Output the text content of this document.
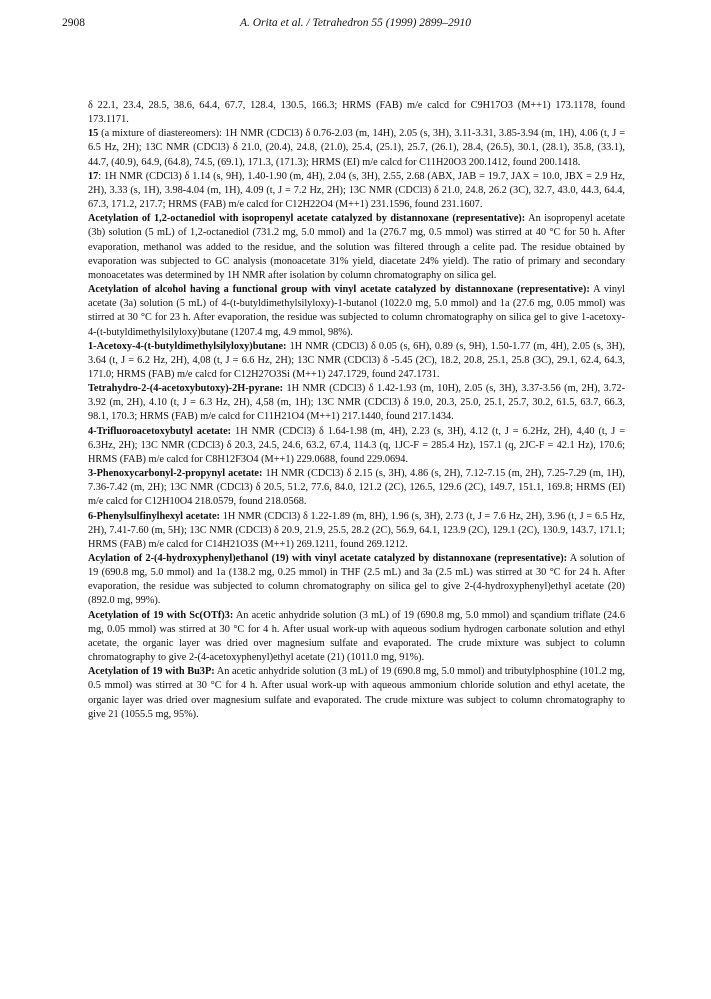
2908	A. Orita et al. / Tetrahedron 55 (1999) 2899–2910

δ 22.1, 23.4, 28.5, 38.6, 64.4, 67.7, 128.4, 130.5, 166.3; HRMS (FAB) m/e calcd for C9H17O3 (M++1) 173.1178, found 173.1171.

15 (a mixture of diastereomers): 1H NMR (CDCl3) δ 0.76-2.03 (m, 14H), 2.05 (s, 3H), 3.11-3.31, 3.85-3.94 (m, 1H), 4.06 (t, J = 6.5 Hz, 2H); 13C NMR (CDCl3) δ 21.0, (20.4), 24.8, (21.0), 25.4, (25.1), 25.7, (26.1), 28.4, (26.5), 30.1, (28.1), 35.8, (33.1), 44.7, (40.9), 64.9, (64.8), 74.5, (69.1), 171.3, (171.3); HRMS (EI) m/e calcd for C11H20O3 200.1412, found 200.1418.

17: 1H NMR (CDCl3) δ 1.14 (s, 9H), 1.40-1.90 (m, 4H), 2.04 (s, 3H), 2.55, 2.68 (ABX, JAB = 19.7, JAX = 10.0, JBX = 2.9 Hz, 2H), 3.33 (s, 1H), 3.98-4.04 (m, 1H), 4.09 (t, J = 7.2 Hz, 2H); 13C NMR (CDCl3) δ 21.0, 24.8, 26.2 (3C), 32.7, 43.0, 44.3, 64.4, 67.3, 171.2, 217.7; HRMS (FAB) m/e calcd for C12H22O4 (M++1) 231.1596, found 231.1607.

Acetylation of 1,2-octanediol with isopropenyl acetate catalyzed by distannoxane (representative): An isopropenyl acetate (3b) solution (5 mL) of 1,2-octanediol (731.2 mg, 5.0 mmol) and 1a (276.7 mg, 0.5 mmol) was stirred at 40 °C for 50 h. After evaporation, methanol was added to the residue, and the solution was filtered through a celite pad. The residue obtained by evaporation was subjected to GC analysis (monoacetate 31% yield, diacetate 24% yield). The ratio of primary and secondary monoacetates was determined by 1H NMR after isolation by column chromatography on silica gel.

Acetylation of alcohol having a functional group with vinyl acetate catalyzed by distannoxane (representative): A vinyl acetate (3a) solution (5 mL) of 4-(t-butyldimethylsilyloxy)-1-butanol (1022.0 mg, 5.0 mmol) and 1a (27.6 mg, 0.05 mmol) was stirred at 30 °C for 23 h. After evaporation, the residue was subjected to column chromatography on silica gel to give 1-acetoxy-4-(t-butyldimethylsilyloxy)butane (1207.4 mg, 4.9 mmol, 98%).

1-Acetoxy-4-(t-butyldimethylsilyloxy)butane: 1H NMR (CDCl3) δ 0.05 (s, 6H), 0.89 (s, 9H), 1.50-1.77 (m, 4H), 2.05 (s, 3H), 3.64 (t, J = 6.2 Hz, 2H), 4,08 (t, J = 6.6 Hz, 2H); 13C NMR (CDCl3) δ -5.45 (2C), 18.2, 20.8, 25.1, 25.8 (3C), 29.1, 62.4, 64.3, 171.0; HRMS (FAB) m/e calcd for C12H27O3Si (M++1) 247.1729, found 247.1731.

Tetrahydro-2-(4-acetoxybutoxy)-2H-pyrane: 1H NMR (CDCl3) δ 1.42-1.93 (m, 10H), 2.05 (s, 3H), 3.37-3.56 (m, 2H), 3.72-3.92 (m, 2H), 4.10 (t, J = 6.3 Hz, 2H), 4,58 (m, 1H); 13C NMR (CDCl3) δ 19.0, 20.3, 25.0, 25.1, 25.7, 30.2, 61.5, 63.7, 66.3, 98.1, 170.3; HRMS (FAB) m/e calcd for C11H21O4 (M++1) 217.1440, found 217.1434.

4-Trifluoroacetoxybutyl acetate: 1H NMR (CDCl3) δ 1.64-1.98 (m, 4H), 2.23 (s, 3H), 4.12 (t, J = 6.2Hz, 2H), 4,40 (t, J = 6.3Hz, 2H); 13C NMR (CDCl3) δ 20.3, 24.5, 24.6, 63.2, 67.4, 114.3 (q, 1JC-F = 285.4 Hz), 157.1 (q, 2JC-F = 42.1 Hz), 170.6; HRMS (FAB) m/e calcd for C8H12F3O4 (M++1) 229.0688, found 229.0694.

3-Phenoxycarbonyl-2-propynyl acetate: 1H NMR (CDCl3) δ 2.15 (s, 3H), 4.86 (s, 2H), 7.12-7.15 (m, 2H), 7.25-7.29 (m, 1H), 7.36-7.42 (m, 2H); 13C NMR (CDCl3) δ 20.5, 51.2, 77.6, 84.0, 121.2 (2C), 126.5, 129.6 (2C), 149.7, 151.1, 169.8; HRMS (EI) m/e calcd for C12H10O4 218.0579, found 218.0568.

6-Phenylsulfinylhexyl acetate: 1H NMR (CDCl3) δ 1.22-1.89 (m, 8H), 1.96 (s, 3H), 2.73 (t, J = 7.6 Hz, 2H), 3.96 (t, J = 6.5 Hz, 2H), 7.41-7.60 (m, 5H); 13C NMR (CDCl3) δ 20.9, 21.9, 25.5, 28.2 (2C), 56.9, 64.1, 123.9 (2C), 129.1 (2C), 130.9, 143.7, 171.1; HRMS (FAB) m/e calcd for C14H21O3S (M++1) 269.1211, found 269.1212.

Acylation of 2-(4-hydroxyphenyl)ethanol (19) with vinyl acetate catalyzed by distannoxane (representative): A solution of 19 (690.8 mg, 5.0 mmol) and 1a (138.2 mg, 0.25 mmol) in THF (2.5 mL) and 3a (2.5 mL) was stirred at 30 °C for 24 h. After evaporation, the residue was subjected to column chromatography on silica gel to give 2-(4-hydroxyphenyl)ethyl acetate (20) (892.0 mg, 99%).

Acetylation of 19 with Sc(OTf)3: An acetic anhydride solution (3 mL) of 19 (690.8 mg, 5.0 mmol) and sçandium triflate (24.6 mg, 0.05 mmol) was stirred at 30 °C for 4 h. After usual work-up with aqueous sodium hydrogen carbonate solution and ethyl acetate, the organic layer was dried over magnesium sulfate and evaporated. The crude mixture was subject to column chromatography to give 2-(4-acetoxyphenyl)ethyl acetate (21) (1011.0 mg, 91%).

Acetylation of 19 with Bu3P: An acetic anhydride solution (3 mL) of 19 (690.8 mg, 5.0 mmol) and tributylphosphine (101.2 mg, 0.5 mmol) was stirred at 30 °C for 4 h. After usual work-up with aqueous ammonium chloride solution and ethyl acetate, the organic layer was dried over magnesium sulfate and evaporated. The crude mixture was subject to column chromatography to give 21 (1055.5 mg, 95%).
